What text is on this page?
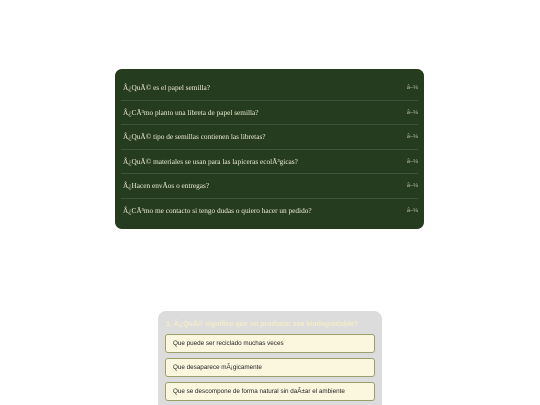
Â¿QuÃ© es el papel semilla?	â–¼
Â¿CÃ³mo planto una libreta de papel semilla?	â–¼
Â¿QuÃ© tipo de semillas contienen las libretas?	â–¼
Â¿QuÃ© materiales se usan para las lapiceras ecolÃ³gicas?	â–¼
Â¿Hacen envÃos o entregas?	â–¼
Â¿CÃ³mo me contacto si tengo dudas o quiero hacer un pedido?	â–¼
1. Â¿QuÃ© significa que un producto sea biodegradable?
Que puede ser reciclado muchas veces
Que desaparece mÃ¡gicamente
Que se descompone de forma natural sin daÃ±ar el ambiente
